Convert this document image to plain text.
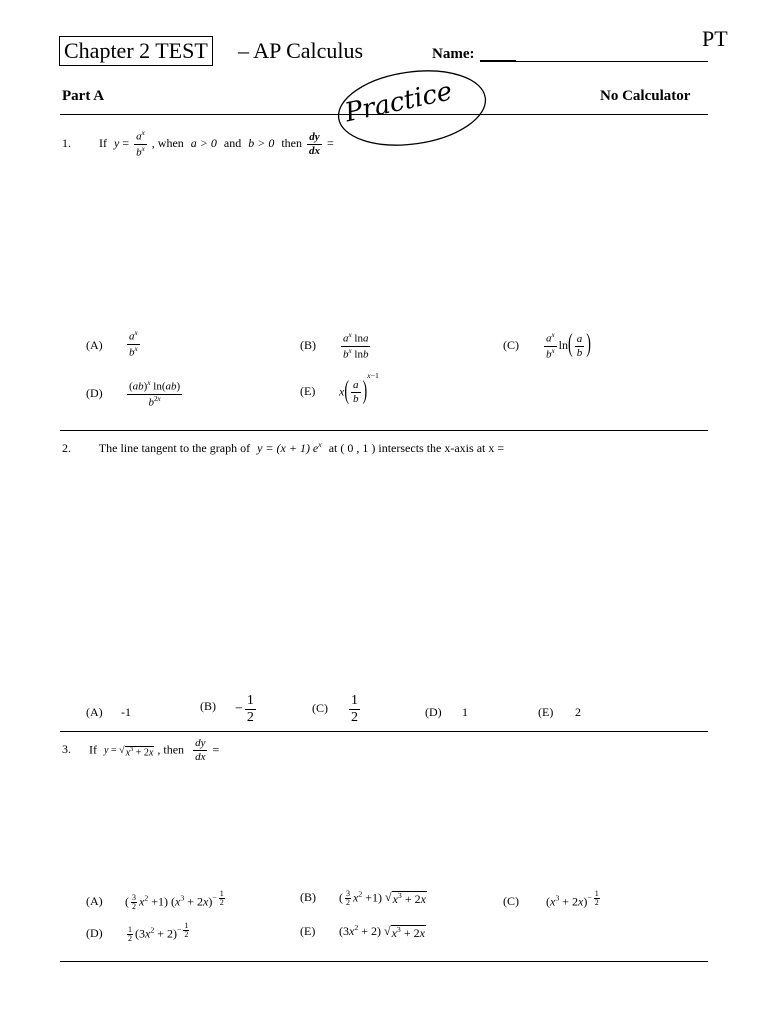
Chapter 2 TEST – AP Calculus	Name:
PT
Part A	No Calculator
Practice
1. If $y = \frac{a^x}{b^x}$ , when a > 0 and b > 0 then $\frac{dy}{dx}$ =
$(A) \frac{a^x}{b^x}$	$(B) \frac{a^x \ln a}{b^x \ln b}$	$(C) \frac{a^x}{b^x} \ln( \frac{a}{b}$ )
$(D) \frac{(ab)^x \ln(ab)}{b^{2x}}$	(E) $x( \frac{a}{b} )^{x-1}$
2. The line tangent to the graph of y = (x + 1) $e^x$ at ( 0 , 1 ) intersects the x-axis at x =
(A) -1	$(B) - \frac{1}{2}$	$(C) \frac{1}{2}$	(D) 1	(E) 2
3. If y = √ $x^3 + 2x$ , then $\frac{dy}{dx}$ =
(A) ( $\frac{3}{2} x^2 +1$) $(x^3 + 2x)^{- \frac{1}{2}}$	(B) ( $\frac{3}{2} x^2 +1$) √ $x^3 + 2x$	(C) $(x^3 + 2x)^{- \frac{1}{2}}$
(D)	$\frac{1}{2} (3x^2 + 2)^{- \frac{1}{2}}$	(E) $(3x^2 + 2)$ √ $x^3 + 2x$
